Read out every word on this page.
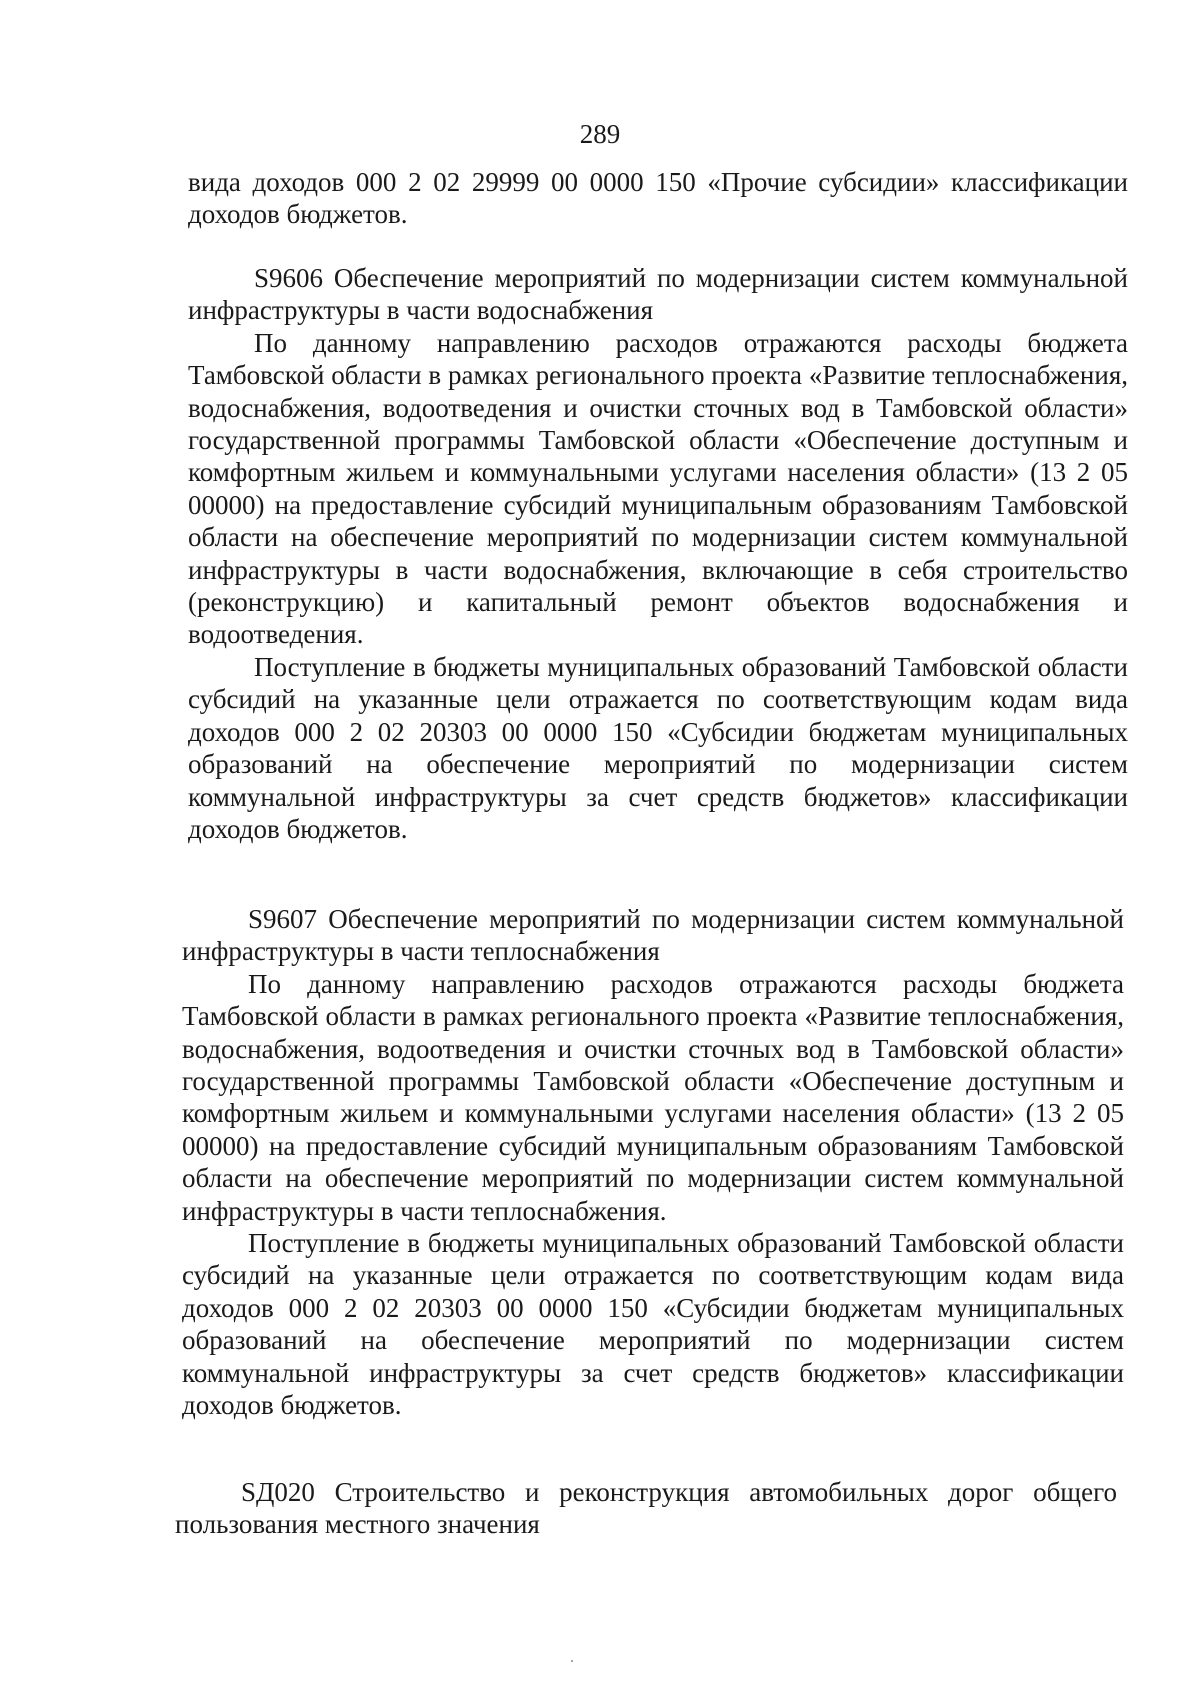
289

вида доходов 000 2 02 29999 00 0000 150 «Прочие субсидии» классификации доходов бюджетов.

S9606 Обеспечение мероприятий по модернизации систем коммунальной инфраструктуры в части водоснабжения

По данному направлению расходов отражаются расходы бюджета Тамбовской области в рамках регионального проекта «Развитие теплоснабжения, водоснабжения, водоотведения и очистки сточных вод в Тамбовской области» государственной программы Тамбовской области «Обеспечение доступным и комфортным жильем и коммунальными услугами населения области» (13 2 05 00000) на предоставление субсидий муниципальным образованиям Тамбовской области на обеспечение мероприятий по модернизации систем коммунальной инфраструктуры в части водоснабжения, включающие в себя строительство (реконструкцию) и капитальный ремонт объектов водоснабжения и водоотведения.

Поступление в бюджеты муниципальных образований Тамбовской области субсидий на указанные цели отражается по соответствующим кодам вида доходов 000 2 02 20303 00 0000 150 «Субсидии бюджетам муниципальных образований на обеспечение мероприятий по модернизации систем коммунальной инфраструктуры за счет средств бюджетов» классификации доходов бюджетов.

S9607 Обеспечение мероприятий по модернизации систем коммунальной инфраструктуры в части теплоснабжения

По данному направлению расходов отражаются расходы бюджета Тамбовской области в рамках регионального проекта «Развитие теплоснабжения, водоснабжения, водоотведения и очистки сточных вод в Тамбовской области» государственной программы Тамбовской области «Обеспечение доступным и комфортным жильем и коммунальными услугами населения области» (13 2 05 00000) на предоставление субсидий муниципальным образованиям Тамбовской области на обеспечение мероприятий по модернизации систем коммунальной инфраструктуры в части теплоснабжения.

Поступление в бюджеты муниципальных образований Тамбовской области субсидий на указанные цели отражается по соответствующим кодам вида доходов 000 2 02 20303 00 0000 150 «Субсидии бюджетам муниципальных образований на обеспечение мероприятий по модернизации систем коммунальной инфраструктуры за счет средств бюджетов» классификации доходов бюджетов.

SД020 Строительство и реконструкция автомобильных дорог общего пользования местного значения
